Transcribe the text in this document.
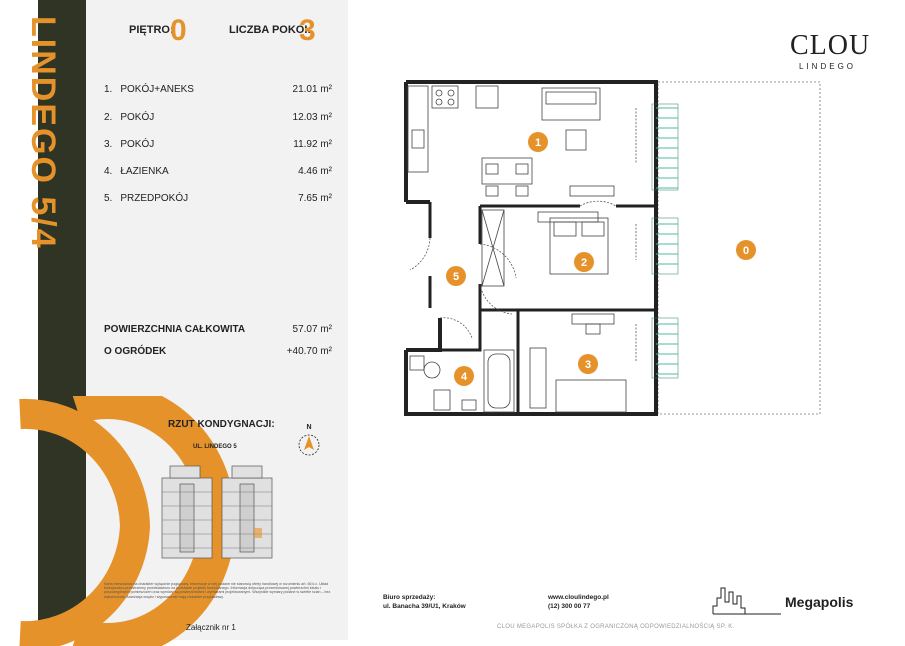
LINDEGO 5/4	PIĘTRO:
0	LICZBA POKOI:
3
1. POKÓJ+ANEKS	21.01 m²
2. POKÓJ	12.03 m²
3. POKÓJ	11.92 m²
4. ŁAZIENKA	4.46 m²
5. PRZEDPOKÓJ	7.65 m²
POWIERZCHNIA CAŁKOWITA	57.07 m²
O OGRÓDEK	+40.70 m²
RZUT KONDYGNACJI:
UL. LINDEGO 5
N
Karta mieszkania ma charakter wyłącznie poglądowy. Informacje w niej podane nie stanowią oferty handlowej w rozumieniu art. 66 k.c. Układ funkcjonalno-przestrzenny przedstawiono na podstawie projektu budowlanego. Informacja dotycząca prezentowanej powierzchni lokalu i poszczególnych pomieszczeń oraz wymiary są powierzchniami i wymiarami projektowanymi. Wszystkie wymiary podane w świetle ścian – bez wykończenia. Aranżacja wnętrz i wyposażenie mają charakter przykładowy.
Załącznik nr 1
1
2
3
4
5
0
CLOU
LINDEGO
Biuro sprzedaży:
ul. Banacha 39/U1, Kraków
www.cloulindego.pl
(12) 300 00 77	Megapolis
CLOU MEGAPOLIS SPÓŁKA Z OGRANICZONĄ ODPOWIEDZIALNOŚCIĄ SP. K.
